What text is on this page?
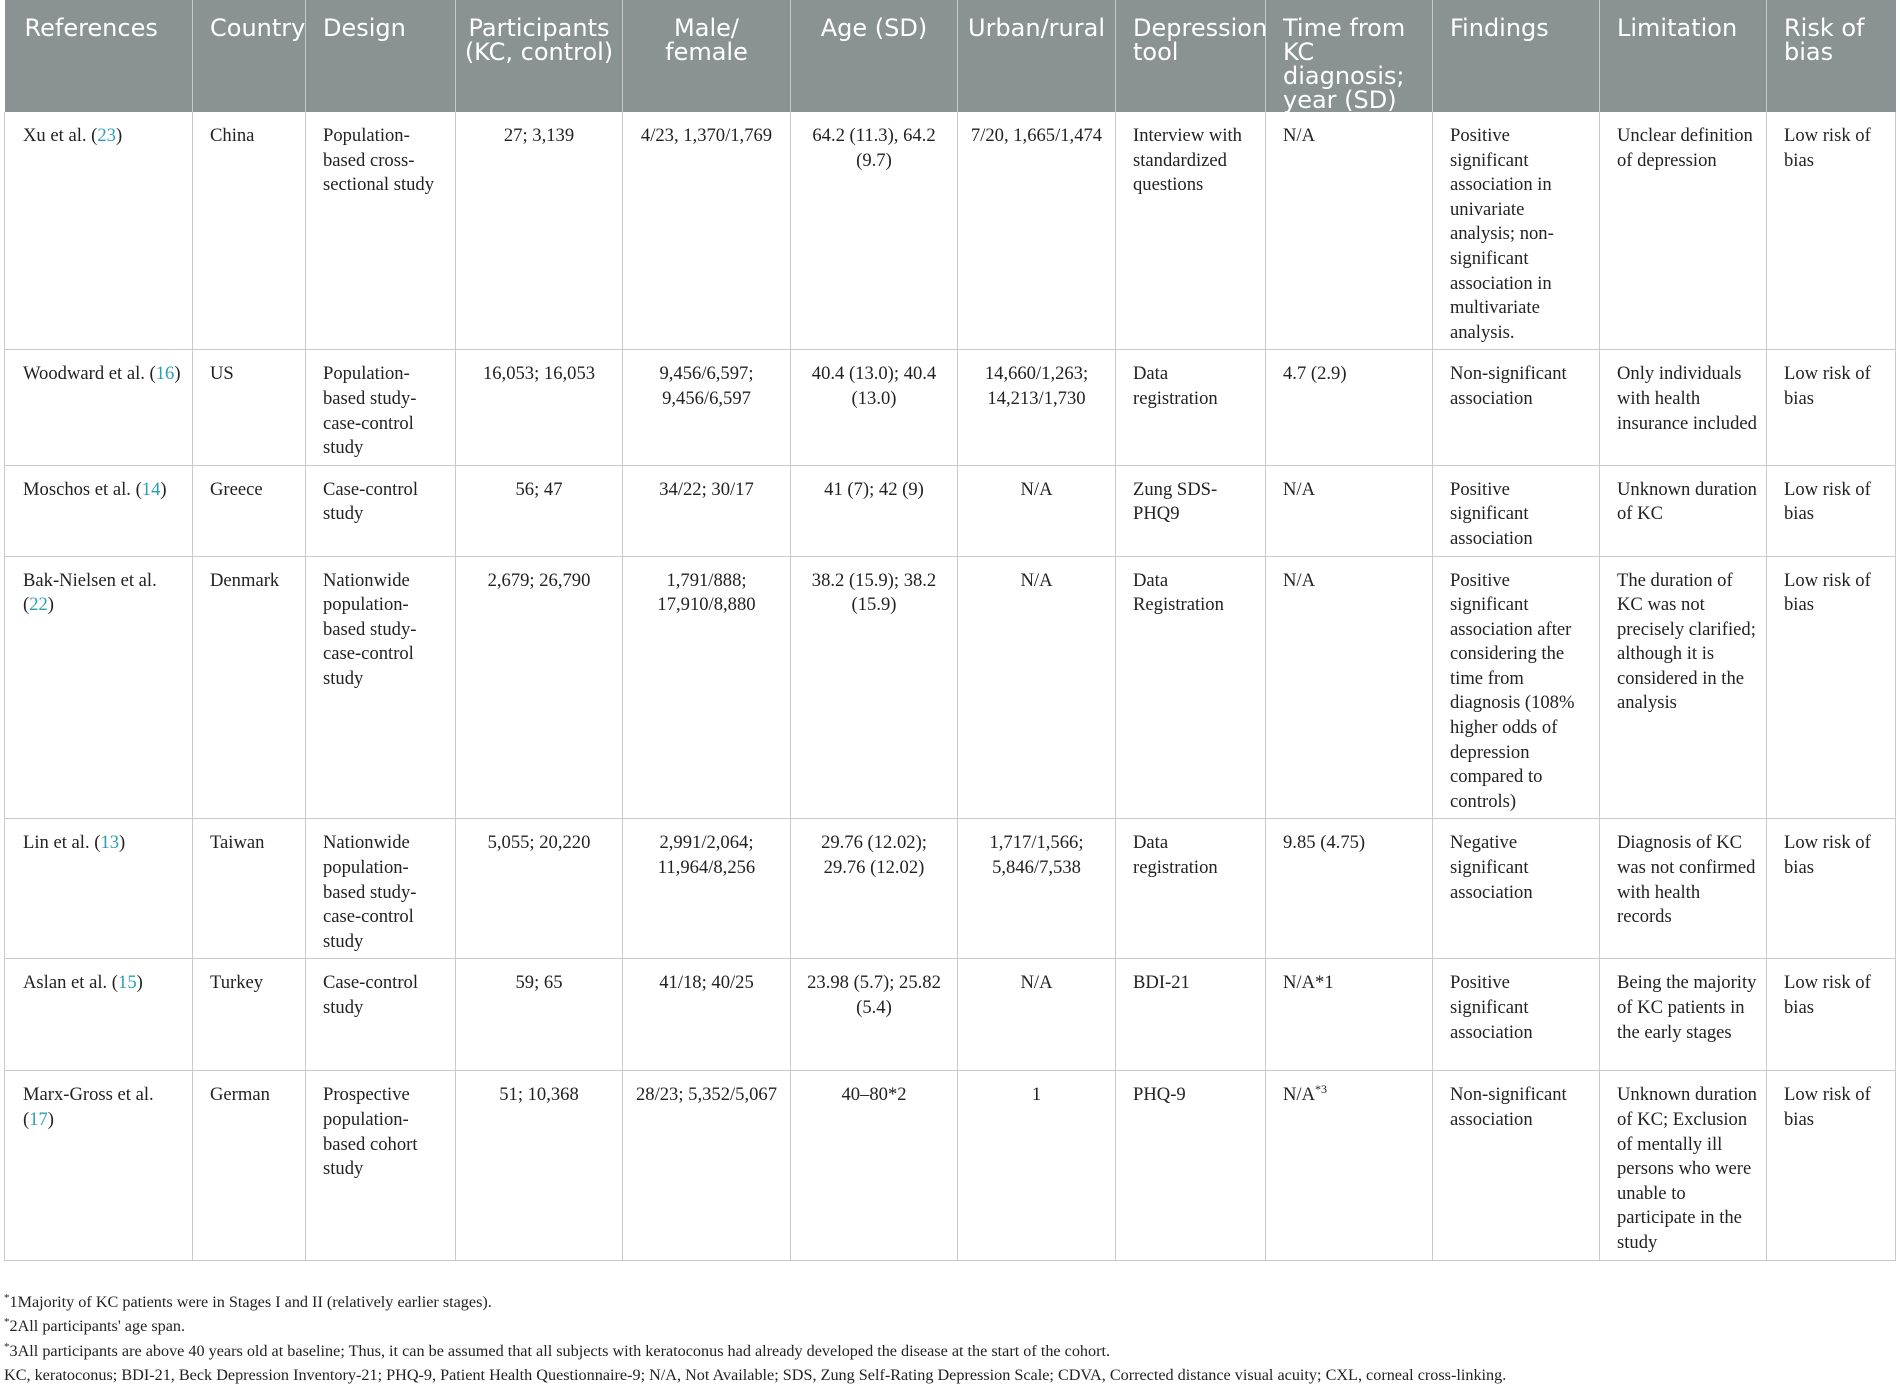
References	Country	Design	Participants (KC, control)	Male/ female	Age (SD)	Urban/rural	Depression tool	Time from KC diagnosis; year (SD)	Findings	Limitation	Risk of bias
Xu et al. (23)	China	Population-based cross-sectional study	27; 3,139	4/23, 1,370/1,769	64.2 (11.3), 64.2 (9.7)	7/20, 1,665/1,474	Interview with standardized questions	N/A	Positive significant association in univariate analysis; non-significant association in multivariate analysis.	Unclear definition of depression	Low risk of bias
Woodward et al. (16)	US	Population-based study-case-control study	16,053; 16,053	9,456/6,597; 9,456/6,597	40.4 (13.0); 40.4 (13.0)	14,660/1,263; 14,213/1,730	Data registration	4.7 (2.9)	Non-significant association	Only individuals with health insurance included	Low risk of bias
Moschos et al. (14)	Greece	Case-control study	56; 47	34/22; 30/17	41 (7); 42 (9)	N/A	Zung SDS-PHQ9	N/A	Positive significant association	Unknown duration of KC	Low risk of bias
Bak-Nielsen et al. (22)	Denmark	Nationwide population-based study-case-control study	2,679; 26,790	1,791/888; 17,910/8,880	38.2 (15.9); 38.2 (15.9)	N/A	Data Registration	N/A	Positive significant association after considering the time from diagnosis (108% higher odds of depression compared to controls)	The duration of KC was not precisely clarified; although it is considered in the analysis	Low risk of bias
Lin et al. (13)	Taiwan	Nationwide population-based study-case-control study	5,055; 20,220	2,991/2,064; 11,964/8,256	29.76 (12.02); 29.76 (12.02)	1,717/1,566; 5,846/7,538	Data registration	9.85 (4.75)	Negative significant association	Diagnosis of KC was not confirmed with health records	Low risk of bias
Aslan et al. (15)	Turkey	Case-control study	59; 65	41/18; 40/25	23.98 (5.7); 25.82 (5.4)	N/A	BDI-21	N/A*1	Positive significant association	Being the majority of KC patients in the early stages	Low risk of bias
Marx-Gross et al. (17)	German	Prospective population-based cohort study	51; 10,368	28/23; 5,352/5,067	40–80*2	1	PHQ-9	$N/A^{*3}$	Non-significant association	Unknown duration of KC; Exclusion of mentally ill persons who were unable to participate in the study	Low risk of bias

*1Majority of KC patients were in Stages I and II (relatively earlier stages).

*2All participants' age span.

*3All participants are above 40 years old at baseline; Thus, it can be assumed that all subjects with keratoconus had already developed the disease at the start of the cohort.

KC, keratoconus; BDI-21, Beck Depression Inventory-21; PHQ-9, Patient Health Questionnaire-9; N/A, Not Available; SDS, Zung Self-Rating Depression Scale; CDVA, Corrected distance visual acuity; CXL, corneal cross-linking.
